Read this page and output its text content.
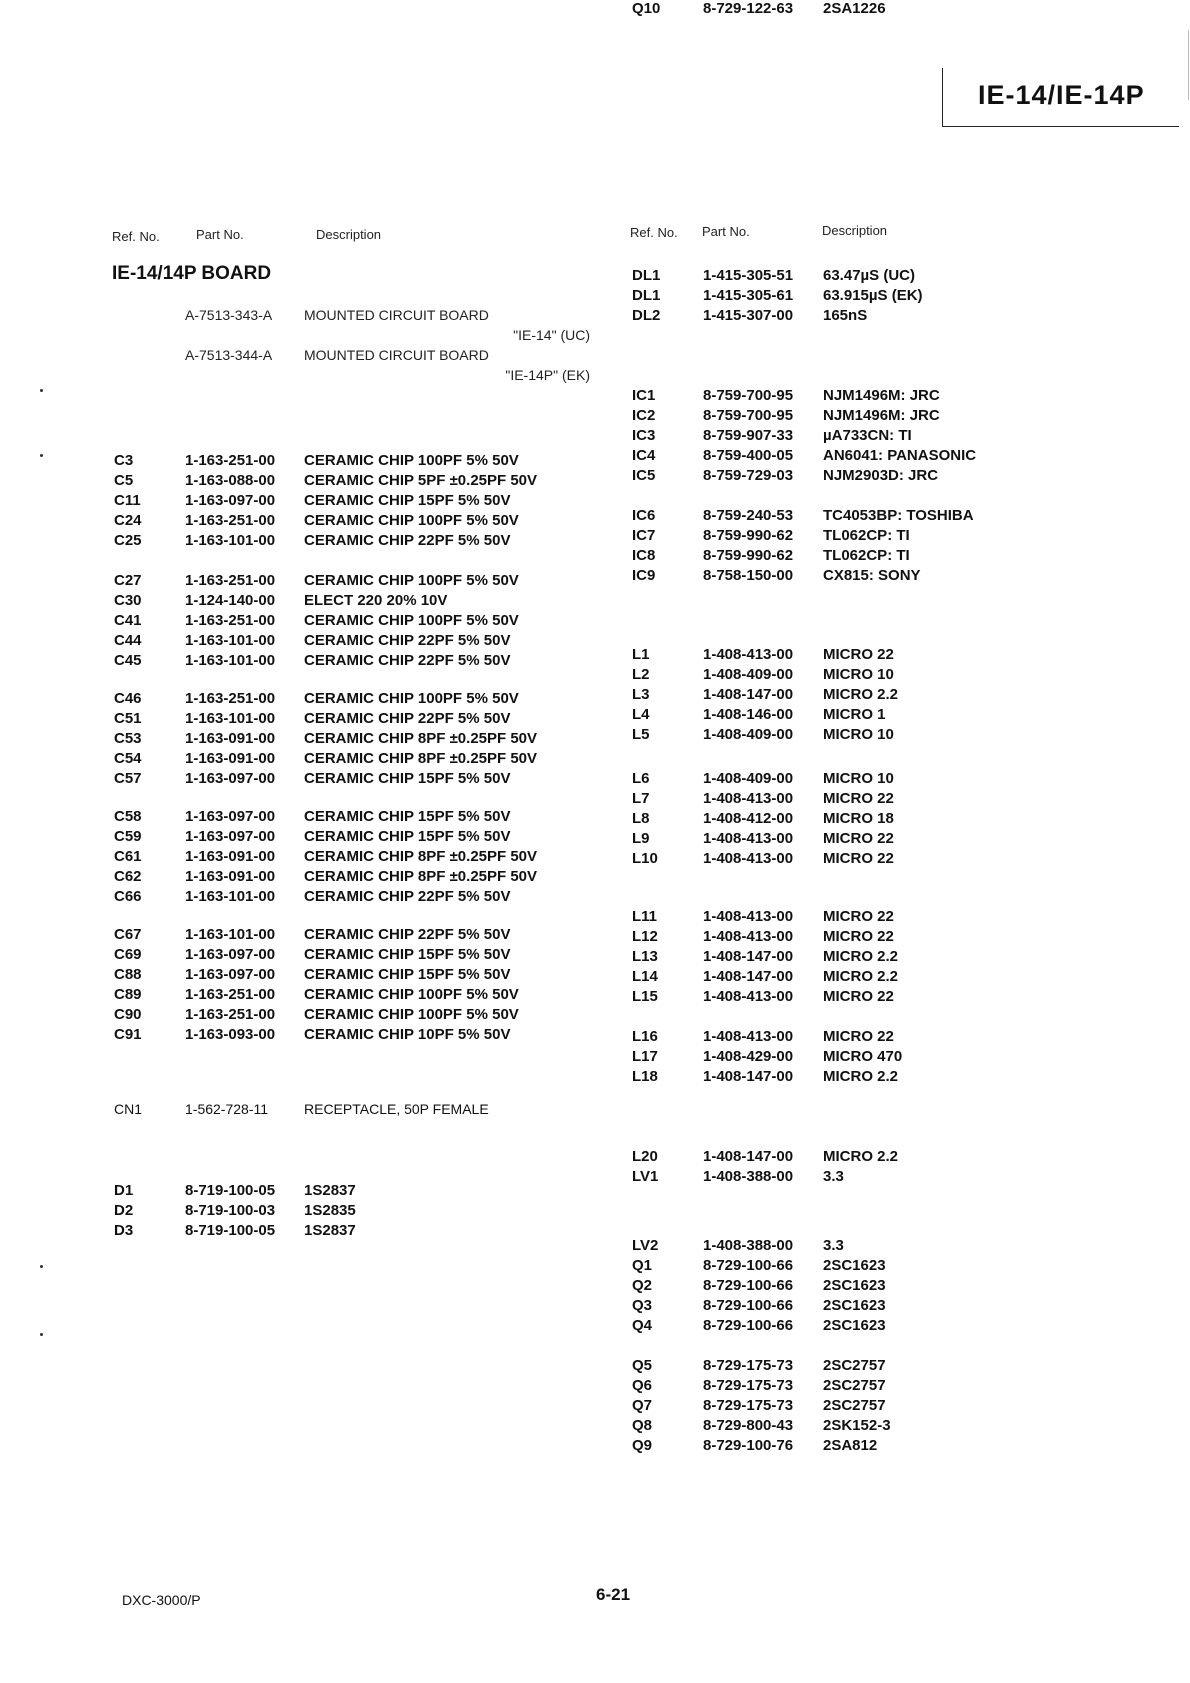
IE-14/IE-14P
Ref. No.	Part No.	Description	Ref. No. Part No.	Description
IE-14/14P BOARD
A-7513-343-A MOUNTED CIRCUIT BOARD
"IE-14" (UC)
A-7513-344-A MOUNTED CIRCUIT BOARD
"IE-14P" (EK)
C3	1-163-251-00 CERAMIC CHIP 100PF 5% 50V
C5	1-163-088-00 CERAMIC CHIP 5PF ±0.25PF 50V
C11	1-163-097-00 CERAMIC CHIP 15PF 5% 50V
C24	1-163-251-00 CERAMIC CHIP 100PF 5% 50V
C25	1-163-101-00 CERAMIC CHIP 22PF 5% 50V
C27	1-163-251-00 CERAMIC CHIP 100PF 5% 50V
C30	1-124-140-00 ELECT 220 20% 10V
C41	1-163-251-00 CERAMIC CHIP 100PF 5% 50V
C44	1-163-101-00 CERAMIC CHIP 22PF 5% 50V
C45	1-163-101-00 CERAMIC CHIP 22PF 5% 50V
C46	1-163-251-00 CERAMIC CHIP 100PF 5% 50V
C51	1-163-101-00 CERAMIC CHIP 22PF 5% 50V
C53	1-163-091-00 CERAMIC CHIP 8PF ±0.25PF 50V
C54	1-163-091-00 CERAMIC CHIP 8PF ±0.25PF 50V
C57	1-163-097-00 CERAMIC CHIP 15PF 5% 50V
C58	1-163-097-00 CERAMIC CHIP 15PF 5% 50V
C59	1-163-097-00 CERAMIC CHIP 15PF 5% 50V
C61	1-163-091-00 CERAMIC CHIP 8PF ±0.25PF 50V
C62	1-163-091-00 CERAMIC CHIP 8PF ±0.25PF 50V
C66	1-163-101-00 CERAMIC CHIP 22PF 5% 50V
C67	1-163-101-00 CERAMIC CHIP 22PF 5% 50V
C69	1-163-097-00 CERAMIC CHIP 15PF 5% 50V
C88	1-163-097-00 CERAMIC CHIP 15PF 5% 50V
C89	1-163-251-00 CERAMIC CHIP 100PF 5% 50V
C90	1-163-251-00 CERAMIC CHIP 100PF 5% 50V
C91	1-163-093-00 CERAMIC CHIP 10PF 5% 50V
CN1	1-562-728-11	RECEPTACLE, 50P FEMALE
D1	8-719-100-05 1S2837
D2	8-719-100-03 1S2835
D3	8-719-100-05 1S2837
DL1	1-415-305-51 63.47µS (UC)
DL1	1-415-305-61 63.915µS (EK)
DL2	1-415-307-00 165nS
IC1	8-759-700-95 NJM1496M: JRC
IC2	8-759-700-95 NJM1496M: JRC
IC3	8-759-907-33 µA733CN: TI
IC4	8-759-400-05 AN6041: PANASONIC
IC5	8-759-729-03 NJM2903D: JRC
IC6	8-759-240-53 TC4053BP: TOSHIBA
IC7	8-759-990-62 TL062CP: TI
IC8	8-759-990-62 TL062CP: TI
IC9	8-758-150-00 CX815: SONY
L1	1-408-413-00 MICRO 22
L2	1-408-409-00 MICRO 10
L3	1-408-147-00 MICRO 2.2
L4	1-408-146-00 MICRO 1
L5	1-408-409-00 MICRO 10
L6	1-408-409-00 MICRO 10
L7	1-408-413-00 MICRO 22
L8	1-408-412-00 MICRO 18
L9	1-408-413-00 MICRO 22
L10	1-408-413-00 MICRO 22
L11	1-408-413-00 MICRO 22
L12	1-408-413-00 MICRO 22
L13	1-408-147-00 MICRO 2.2
L14	1-408-147-00 MICRO 2.2
L15	1-408-413-00 MICRO 22
L16	1-408-413-00 MICRO 22
L17	1-408-429-00 MICRO 470
L18	1-408-147-00 MICRO 2.2
L20	1-408-147-00 MICRO 2.2
LV1	1-408-388-00 3.3
LV2	1-408-388-00 3.3
Q1	8-729-100-66 2SC1623
Q2	8-729-100-66 2SC1623
Q3	8-729-100-66 2SC1623
Q4	8-729-100-66 2SC1623
Q5	8-729-175-73 2SC2757
Q6	8-729-175-73 2SC2757
Q7	8-729-175-73 2SC2757
Q8	8-729-800-43 2SK152-3
Q9	8-729-100-76 2SA812
Q10	8-729-122-63 2SA1226
DXC-3000/P	6-21
